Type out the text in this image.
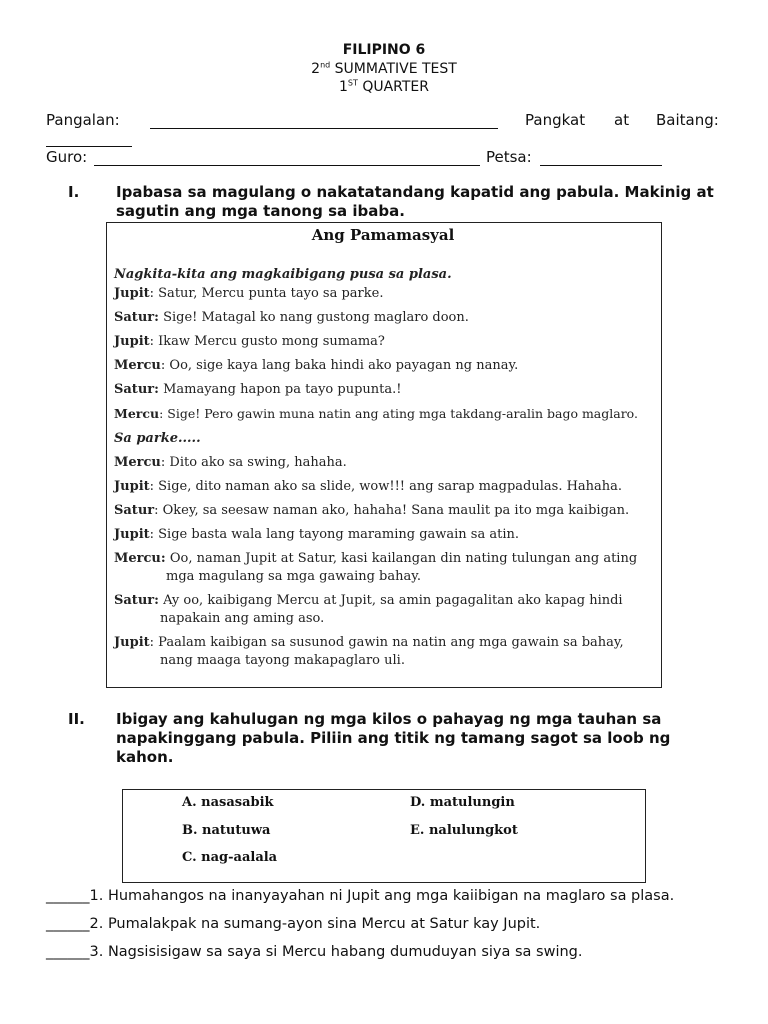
FILIPINO 6
2nd SUMMATIVE TEST
1ST QUARTER
Pangalan:	Pangkat at Baitang:
Guro:	Petsa:
I. Ipabasa sa magulang o nakatatandang kapatid ang pabula. Makinig at sagutin ang mga tanong sa ibaba.
Ang Pamamasyal
Nagkita-kita ang magkaibigang pusa sa plasa.
Jupit: Satur, Mercu punta tayo sa parke.
Satur: Sige! Matagal ko nang gustong maglaro doon.
Jupit: Ikaw Mercu gusto mong sumama?
Mercu: Oo, sige kaya lang baka hindi ako payagan ng nanay.
Satur: Mamayang hapon pa tayo pupunta.!
Mercu: Sige! Pero gawin muna natin ang ating mga takdang-aralin bago maglaro.
Sa parke.....
Mercu: Dito ako sa swing, hahaha.
Jupit: Sige, dito naman ako sa slide, wow!!! ang sarap magpadulas. Hahaha.
Satur: Okey, sa seesaw naman ako, hahaha! Sana maulit pa ito mga kaibigan.
Jupit: Sige basta wala lang tayong maraming gawain sa atin.
Mercu: Oo, naman Jupit at Satur, kasi kailangan din nating tulungan ang ating
mga magulang sa mga gawaing bahay.
Satur: Ay oo, kaibigang Mercu at Jupit, sa amin pagagalitan ako kapag hindi
napakain ang aming aso.
Jupit: Paalam kaibigan sa susunod gawin na natin ang mga gawain sa bahay,
nang maaga tayong makapaglaro uli.
II. Ibigay ang kahulugan ng mga kilos o pahayag ng mga tauhan sa napakinggang pabula. Piliin ang titik ng tamang sagot sa loob ng kahon.
A. nasasabik
B. natutuwa
C. nag-aalala
D. matulungin
E. nalulungkot
______1. Humahangos na inanyayahan ni Jupit ang mga kaiibigan na maglaro sa plasa.
______2. Pumalakpak na sumang-ayon sina Mercu at Satur kay Jupit.
______3. Nagsisisigaw sa saya si Mercu habang dumuduyan siya sa swing.
